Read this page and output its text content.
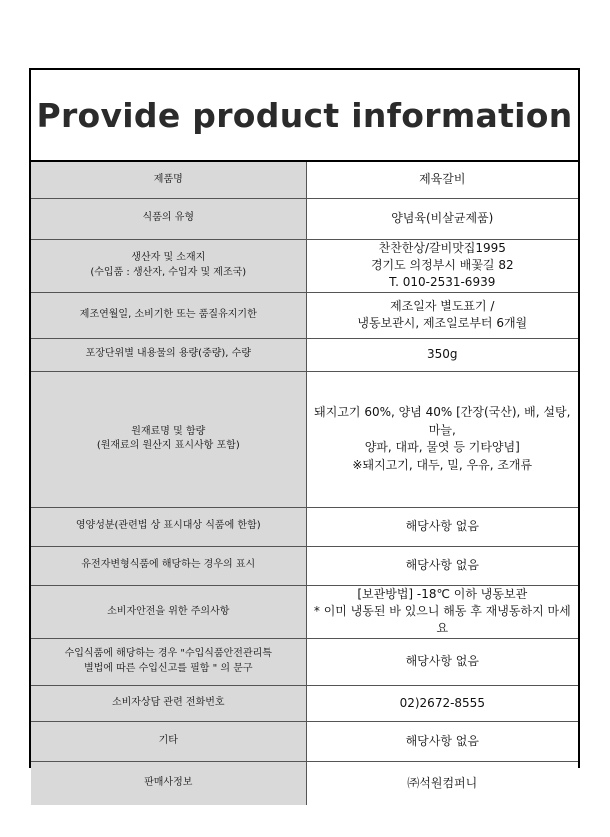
Provide product information
제품명	제육갈비

식품의 유형	양념육(비살균제품)

생산자 및 소재지
(수입품 : 생산자, 수입자 및 제조국)	찬찬한상/갈비맛집1995
경기도 의정부시 배꽃길 82
T. 010-2531-6939

제조연월일, 소비기한 또는 품질유지기한	제조일자 별도표기 /
냉동보관시, 제조일로부터 6개월

포장단위별 내용물의 용량(중량), 수량	350g

원재료명 및 함량
(원재료의 원산지 표시사항 포함)	돼지고기 60%, 양념 40% [간장(국산), 배, 설탕, 마늘,
양파, 대파, 물엿 등 기타양념]
※돼지고기, 대두, 밀, 우유, 조개류

영양성분(관련법 상 표시대상 식품에 한함)	해당사항 없음

유전자변형식품에 해당하는 경우의 표시	해당사항 없음

소비자안전을 위한 주의사항	[보관방법] -18℃ 이하 냉동보관
* 이미 냉동된 바 있으니 해동 후 재냉동하지 마세요

수입식품에 해당하는 경우 "수입식품안전관리특
별법에 따른 수입신고를 필함 " 의 문구	해당사항 없음

소비자상담 관련 전화번호	02)2672-8555

기타	해당사항 없음

판매사정보	㈜석원컴퍼니
